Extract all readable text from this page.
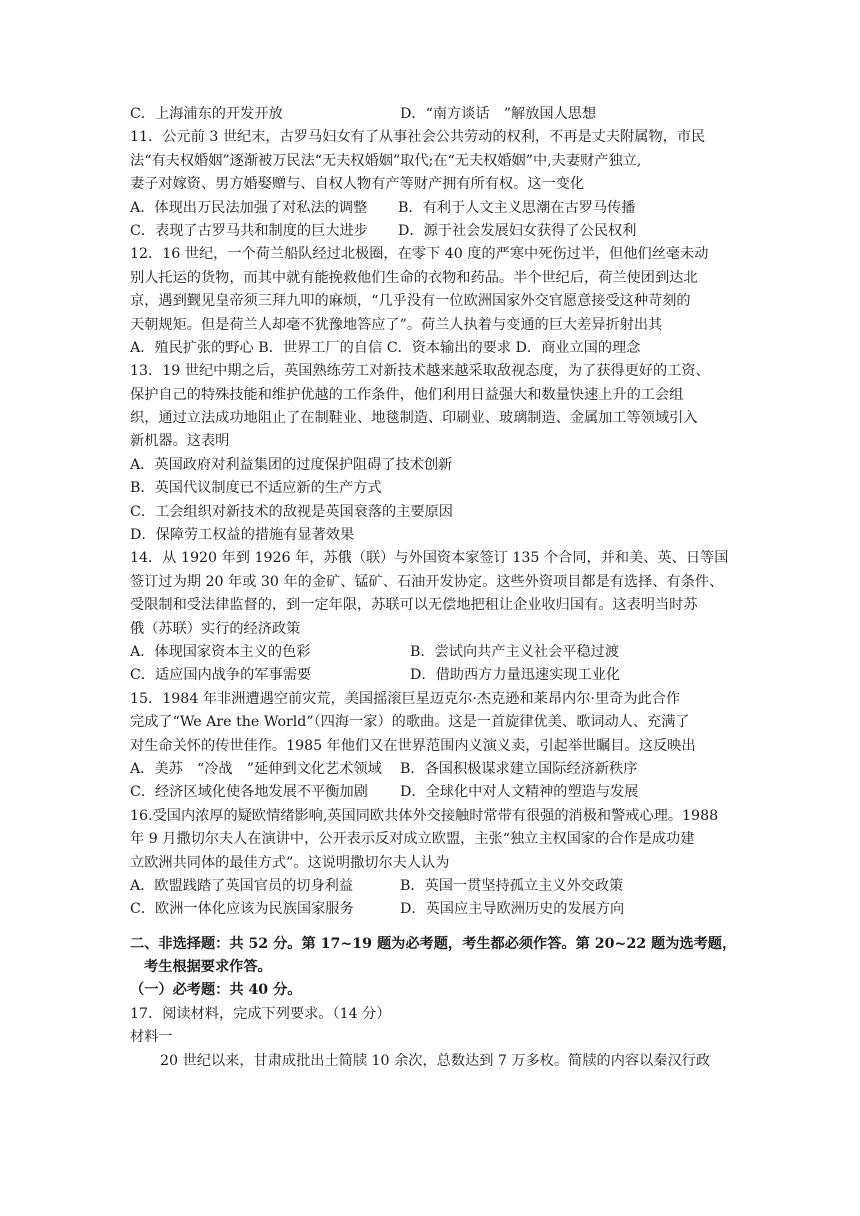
C．上海浦东的开发开放	D．“南方谈话　”解放国人思想
11．公元前 3 世纪末，古罗马妇女有了从事社会公共劳动的权利，不再是丈夫附属物，市民
法“有夫权婚姻”逐渐被万民法“无夫权婚姻”取代;在“无夫权婚姻”中,夫妻财产独立,
妻子对嫁资、男方婚娶赠与、自权人物有产等财产拥有所有权。这一变化
A．体现出万民法加强了对私法的调整	B．有利于人文主义思潮在古罗马传播
C．表现了古罗马共和制度的巨大进步	D．源于社会发展妇女获得了公民权利
12．16 世纪，一个荷兰船队经过北极圈，在零下 40 度的严寒中死伤过半，但他们丝毫未动
别人托运的货物，而其中就有能挽救他们生命的衣物和药品。半个世纪后，荷兰使团到达北
京，遇到觐见皇帝须三拜九叩的麻烦，“几乎没有一位欧洲国家外交官愿意接受这种苛刻的
天朝规矩。但是荷兰人却毫不犹豫地答应了”。荷兰人执着与变通的巨大差异折射出其
A．殖民扩张的野心 B．世界工厂的自信 C．资本输出的要求 D．商业立国的理念
13．19 世纪中期之后，英国熟练劳工对新技术越来越采取敌视态度，为了获得更好的工资、
保护自己的特殊技能和维护优越的工作条件，他们利用日益强大和数量快速上升的工会组
织，通过立法成功地阻止了在制鞋业、地毯制造、印刷业、玻璃制造、金属加工等领域引入
新机器。这表明
A．英国政府对利益集团的过度保护阻碍了技术创新
B．英国代议制度已不适应新的生产方式
C．工会组织对新技术的敌视是英国衰落的主要原因
D．保障劳工权益的措施有显著效果
14．从 1920 年到 1926 年，苏俄（联）与外国资本家签订 135 个合同，并和美、英、日等国
签订过为期 20 年或 30 年的金矿、锰矿、石油开发协定。这些外资项目都是有选择、有条件、
受限制和受法律监督的，到一定年限，苏联可以无偿地把租让企业收归国有。这表明当时苏
俄（苏联）实行的经济政策
A．体现国家资本主义的色彩	B．尝试向共产主义社会平稳过渡
C．适应国内战争的军事需要	D．借助西方力量迅速实现工业化
15．1984 年非洲遭遇空前灾荒，美国摇滚巨星迈克尔·杰克逊和莱昂内尔·里奇为此合作
完成了“We Are the World”（四海一家）的歌曲。这是一首旋律优美、歌词动人、充满了
对生命关怀的传世佳作。1985 年他们又在世界范围内义演义卖，引起举世瞩目。这反映出
A．美苏　“冷战　”延伸到文化艺术领域	B．各国积极谋求建立国际经济新秩序
C．经济区域化使各地发展不平衡加剧	D．全球化中对人文精神的塑造与发展
16.受国内浓厚的疑欧情绪影响,英国同欧共体外交接触时常带有很强的消极和警戒心理。1988
年 9 月撒切尔夫人在演讲中，公开表示反对成立欧盟，主张“独立主权国家的合作是成功建
立欧洲共同体的最佳方式”。这说明撒切尔夫人认为
A．欧盟践踏了英国官员的切身利益	B．英国一贯坚持孤立主义外交政策
C．欧洲一体化应该为民族国家服务	D．英国应主导欧洲历史的发展方向
二、非选择题：共 52 分。第 17~19 题为必考题，考生都必须作答。第 20~22 题为选考题，
考生根据要求作答。
（一）必考题：共 40 分。
17．阅读材料，完成下列要求。（14 分）
材料一
20 世纪以来，甘肃成批出土简牍 10 余次，总数达到 7 万多枚。简牍的内容以秦汉行政
